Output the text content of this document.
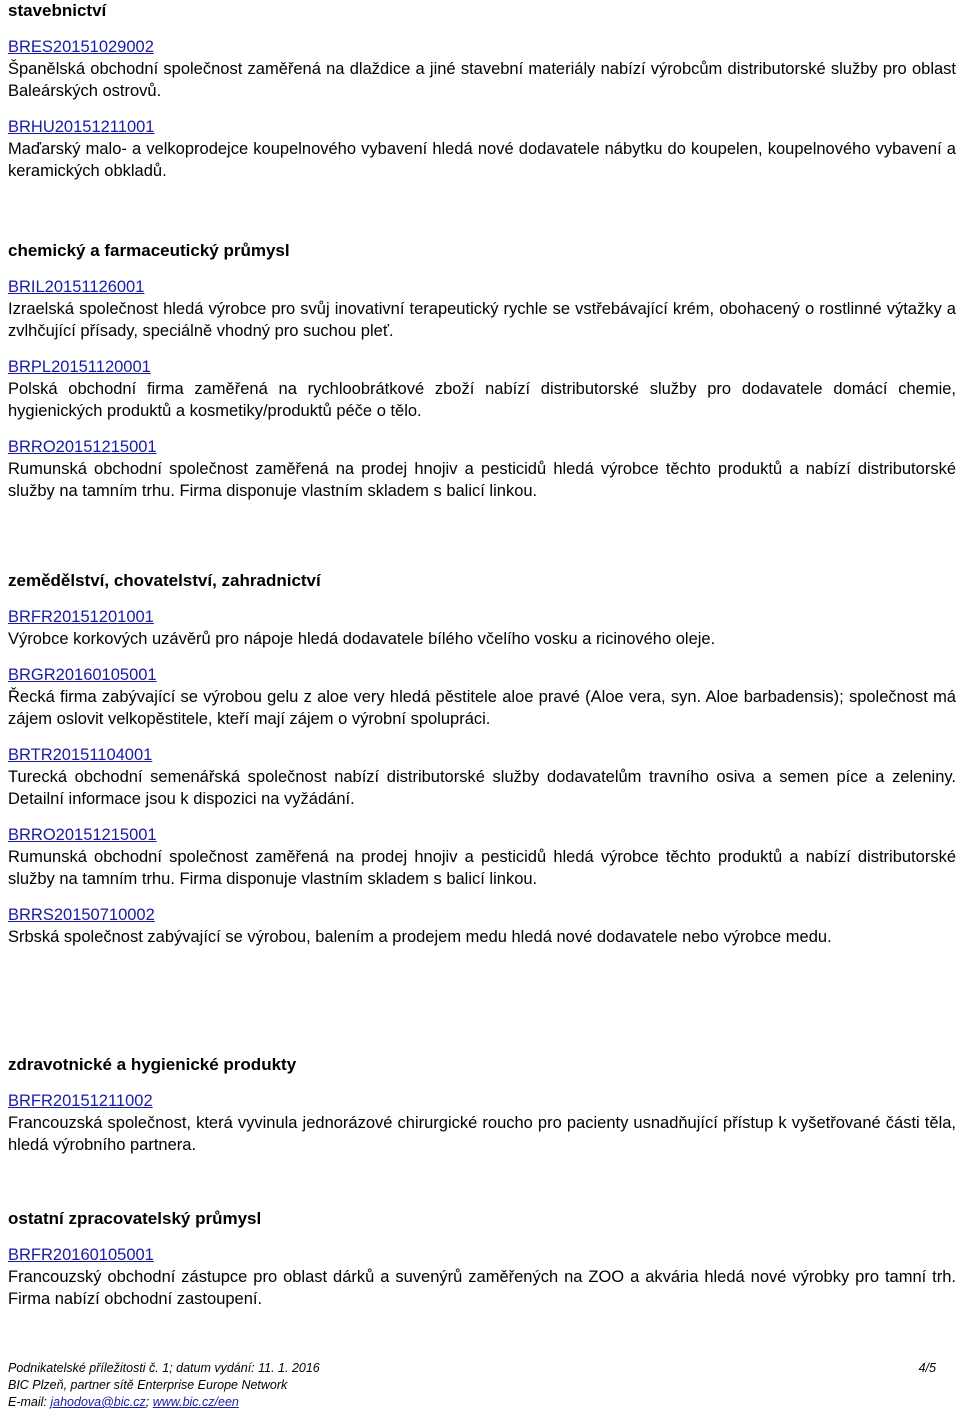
stavebnictví
BRES20151029002

Španělská obchodní společnost zaměřená na dlaždice a jiné stavební materiály nabízí výrobcům distributorské služby pro oblast Baleárských ostrovů.

BRHU20151211001

Maďarský malo- a velkoprodejce koupelnového vybavení hledá nové dodavatele nábytku do koupelen, koupelnového vybavení a keramických obkladů.

chemický a farmaceutický průmysl
BRIL20151126001

Izraelská společnost hledá výrobce pro svůj inovativní terapeutický rychle se vstřebávající krém, obohacený o rostlinné výtažky a zvlhčující přísady, speciálně vhodný pro suchou pleť.

BRPL20151120001

Polská obchodní firma zaměřená na rychloobrátkové zboží nabízí distributorské služby pro dodavatele domácí chemie, hygienických produktů a kosmetiky/produktů péče o tělo.

BRRO20151215001

Rumunská obchodní společnost zaměřená na prodej hnojiv a pesticidů hledá výrobce těchto produktů a nabízí distributorské služby na tamním trhu. Firma disponuje vlastním skladem s balicí linkou.

zemědělství, chovatelství, zahradnictví
BRFR20151201001

Výrobce korkových uzávěrů pro nápoje hledá dodavatele bílého včelího vosku a ricinového oleje.

BRGR20160105001

Řecká firma zabývající se výrobou gelu z aloe very hledá pěstitele aloe pravé (Aloe vera, syn. Aloe barbadensis); společnost má zájem oslovit velkopěstitele, kteří mají zájem o výrobní spolupráci.

BRTR20151104001

Turecká obchodní semenářská společnost nabízí distributorské služby dodavatelům travního osiva a semen píce a zeleniny. Detailní informace jsou k dispozici na vyžádání.

BRRO20151215001

Rumunská obchodní společnost zaměřená na prodej hnojiv a pesticidů hledá výrobce těchto produktů a nabízí distributorské služby na tamním trhu. Firma disponuje vlastním skladem s balicí linkou.

BRRS20150710002

Srbská společnost zabývající se výrobou, balením a prodejem medu hledá nové dodavatele nebo výrobce medu.

zdravotnické a hygienické produkty
BRFR20151211002

Francouzská společnost, která vyvinula jednorázové chirurgické roucho pro pacienty usnadňující přístup k vyšetřované části těla, hledá výrobního partnera.

ostatní zpracovatelský průmysl
BRFR20160105001

Francouzský obchodní zástupce pro oblast dárků a suvenýrů zaměřených na ZOO a akvária hledá nové výrobky pro tamní trh. Firma nabízí obchodní zastoupení.

Podnikatelské příležitosti č. 1; datum vydání: 11. 1. 2016	4/5
BIC Plzeň, partner sítě Enterprise Europe Network
E-mail: jahodova@bic.cz; www.bic.cz/een
